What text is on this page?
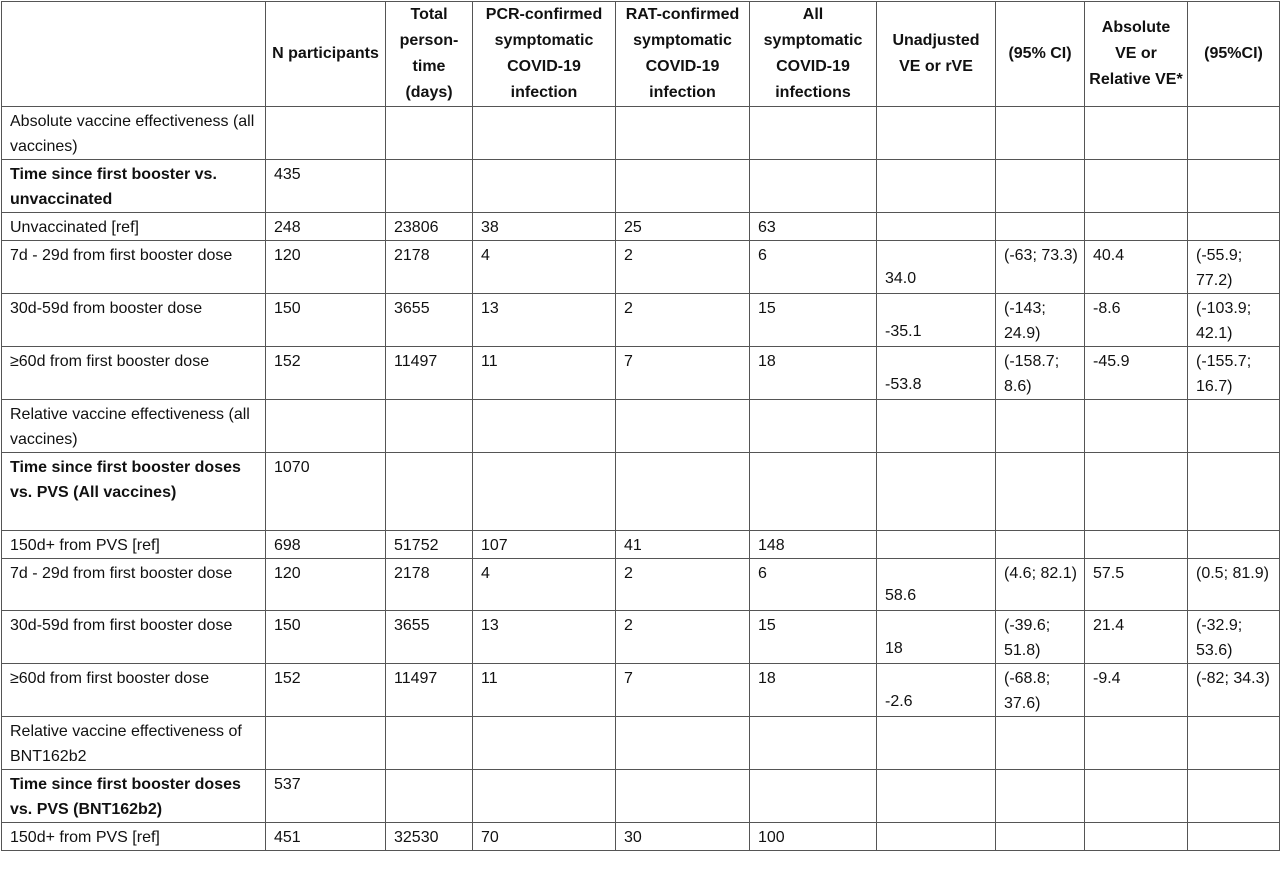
	N participants	Total person-time (days)	PCR-confirmed symptomatic COVID-19 infection	RAT-confirmed symptomatic COVID-19 infection	All symptomatic COVID-19 infections	Unadjusted VE or rVE	(95% CI)	Absolute VE or Relative VE*	(95%CI)
Absolute vaccine effectiveness (all vaccines)									
Time since first booster vs. unvaccinated	435								
Unvaccinated [ref]	248	23806	38	25	63				
7d - 29d from first booster dose	120	2178	4	2	6	34.0	(-63; 73.3)	40.4	(-55.9; 77.2)
30d-59d from booster dose	150	3655	13	2	15	-35.1	(-143; 24.9)	-8.6	(-103.9; 42.1)
≥60d from first booster dose	152	11497	11	7	18	-53.8	(-158.7; 8.6)	-45.9	(-155.7; 16.7)
Relative vaccine effectiveness (all vaccines)									
Time since first booster doses vs. PVS (All vaccines)	1070								
150d+ from PVS [ref]	698	51752	107	41	148				
7d - 29d from first booster dose	120	2178	4	2	6	58.6	(4.6; 82.1)	57.5	(0.5; 81.9)
30d-59d from first booster dose	150	3655	13	2	15	18	(-39.6; 51.8)	21.4	(-32.9; 53.6)
≥60d from first booster dose	152	11497	11	7	18	-2.6	(-68.8; 37.6)	-9.4	(-82; 34.3)
Relative vaccine effectiveness of BNT162b2									
Time since first booster doses vs. PVS (BNT162b2)	537								
150d+ from PVS [ref]	451	32530	70	30	100				
